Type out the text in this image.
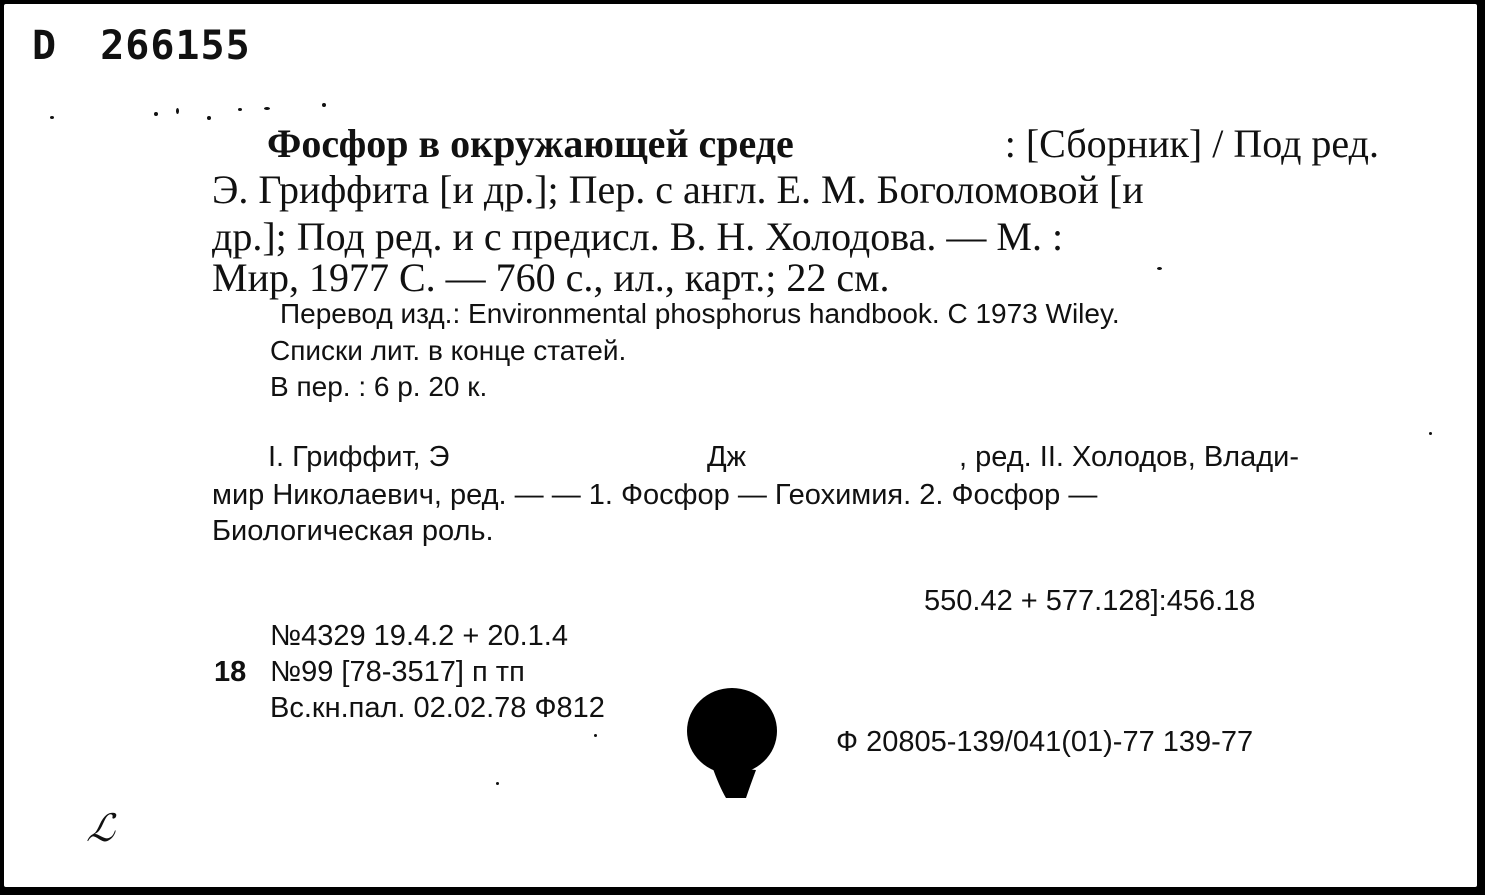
D 266155
Фосфор в окружающей среде	: [Сборник] / Под ред.
Э. Гриффита [и др.]; Пер. с англ. Е. М. Боголомовой [и
др.]; Под ред. и с предисл. В. Н. Холодова. — М. :
Мир, 1977 С. — 760 с., ил., карт.; 22 см.
Перевод изд.: Environmental phosphorus handbook. C 1973 Wiley.
Списки лит. в конце статей.
В пер. : 6 р. 20 к.
I. Гриффит, Э	Дж	, ред. II. Холодов, Влади-
мир Николаевич, ред. — — 1. Фосфор — Геохимия. 2. Фосфор —
Биологическая роль.
550.42 + 577.128]:456.18
№4329 19.4.2 + 20.1.4
18 №99 [78-3517] п тп
Вс.кн.пал. 02.02.78 Ф812
Ф 20805-139/041(01)-77 139-77
ℒ
